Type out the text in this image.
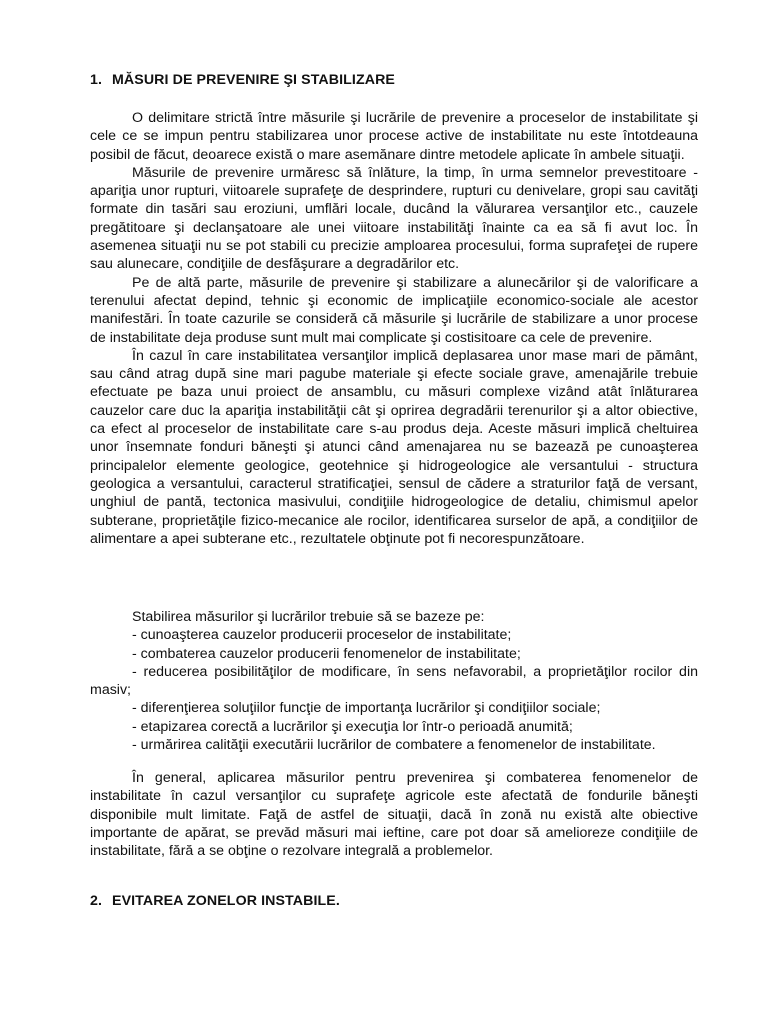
1. MĂSURI DE PREVENIRE ŞI STABILIZARE

O delimitare strictă între măsurile şi lucrările de prevenire a proceselor de instabilitate şi cele ce se impun pentru stabilizarea unor procese active de instabilitate nu este întotdeauna posibil de făcut, deoarece există o mare asemănare dintre metodele aplicate în ambele situaţii.

Măsurile de prevenire urmăresc să înlăture, la timp, în urma semnelor prevestitoare - apariţia unor rupturi, viitoarele suprafeţe de desprindere, rupturi cu denivelare, gropi sau cavităţi formate din tasări sau eroziuni, umflări locale, ducând la vălurarea versanţilor etc., cauzele pregătitoare şi declanşatoare ale unei viitoare instabilităţi înainte ca ea să fi avut loc. În asemenea situaţii nu se pot stabili cu precizie amploarea procesului, forma suprafeţei de rupere sau alunecare, condiţiile de desfăşurare a degradărilor etc.

Pe de altă parte, măsurile de prevenire şi stabilizare a alunecărilor şi de valorificare a terenului afectat depind, tehnic şi economic de implicaţiile economico-sociale ale acestor manifestări. În toate cazurile se consideră că măsurile şi lucrările de stabilizare a unor procese de instabilitate deja produse sunt mult mai complicate şi costisitoare ca cele de prevenire.

În cazul în care instabilitatea versanţilor implică deplasarea unor mase mari de pământ, sau când atrag după sine mari pagube materiale şi efecte sociale grave, amenajările trebuie efectuate pe baza unui proiect de ansamblu, cu măsuri complexe vizând atât înlăturarea cauzelor care duc la apariţia instabilităţii cât şi oprirea degradării terenurilor şi a altor obiective, ca efect al proceselor de instabilitate care s-au produs deja. Aceste măsuri implică cheltuirea unor însemnate fonduri băneşti şi atunci când amenajarea nu se bazează pe cunoaşterea principalelor elemente geologice, geotehnice şi hidrogeologice ale versantului - structura geologica a versantului, caracterul stratificaţiei, sensul de cădere a straturilor faţă de versant, unghiul de pantă, tectonica masivului, condiţiile hidrogeologice de detaliu, chimismul apelor subterane, proprietăţile fizico-mecanice ale rocilor, identificarea surselor de apă, a condiţiilor de alimentare a apei subterane etc., rezultatele obţinute pot fi necorespunzătoare.

Stabilirea măsurilor şi lucrărilor trebuie să se bazeze pe:

- cunoaşterea cauzelor producerii proceselor de instabilitate;

- combaterea cauzelor producerii fenomenelor de instabilitate;

- reducerea posibilităţilor de modificare, în sens nefavorabil, a proprietăţilor rocilor din masiv;

- diferenţierea soluţiilor funcţie de importanţa lucrărilor şi condiţiilor sociale;

- etapizarea corectă a lucrărilor şi execuţia lor într-o perioadă anumită;

- urmărirea calităţii executării lucrărilor de combatere a fenomenelor de instabilitate.

În general, aplicarea măsurilor pentru prevenirea şi combaterea fenomenelor de instabilitate în cazul versanţilor cu suprafeţe agricole este afectată de fondurile băneşti disponibile mult limitate. Faţă de astfel de situaţii, dacă în zonă nu există alte obiective importante de apărat, se prevăd măsuri mai ieftine, care pot doar să amelioreze condiţiile de instabilitate, fără a se obţine o rezolvare integrală a problemelor.

2. EVITAREA ZONELOR INSTABILE.
